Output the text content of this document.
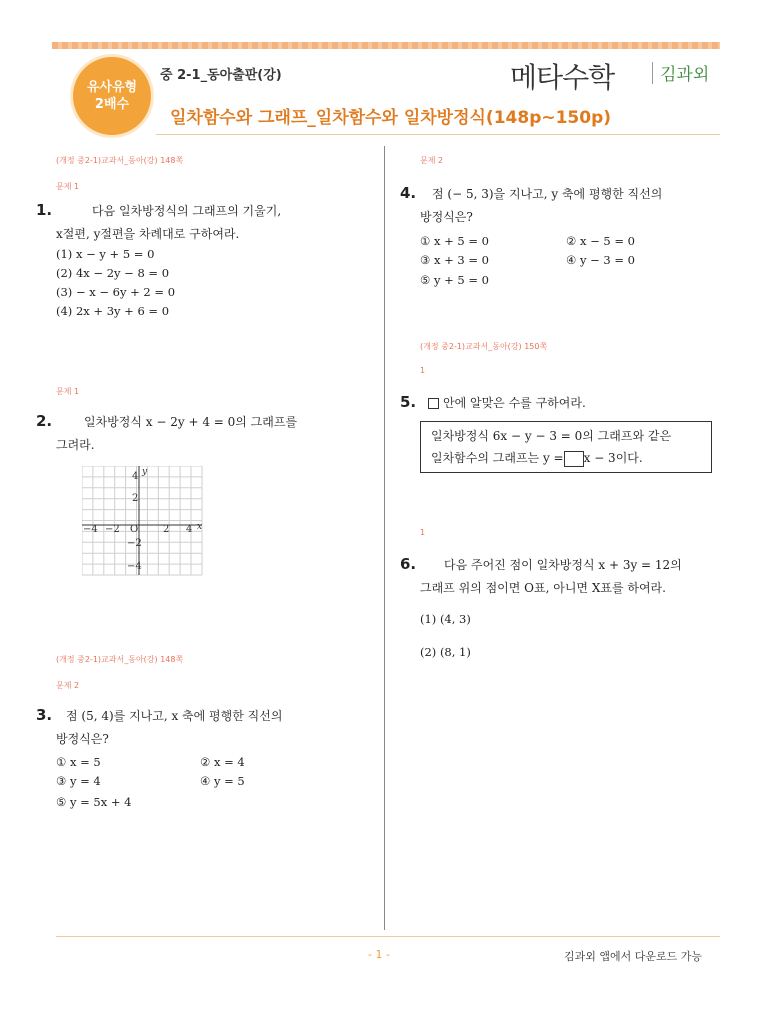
유사유형
2배수
중 2-1_동아출판(강)
일차함수와 그래프_일차함수와 일차방정식(148p~150p)
메타수학	김과외
(개정 중2-1)교과서_동아(강) 148쪽
문제 1
1.	다음 일차방정식의 그래프의 기울기,
x절편, y절편을 차례대로 구하여라.
(1) x − y + 5 = 0
(2) 4x − 2y − 8 = 0
(3) − x − 6y + 2 = 0
(4) 2x + 3y + 6 = 0
문제 1
2.	일차방정식 x − 2y + 4 = 0의 그래프를
그려라.
−4 −2 O 2 4 x
4
2
−2
−4
y
(개정 중2-1)교과서_동아(강) 148쪽
문제 2
3. 점 (5, 4)를 지나고, x 축에 평행한 직선의
방정식은?
① x = 5	② x = 4
③ y = 4	④ y = 5
⑤ y = 5x + 4
문제 2
4. 점 (− 5, 3)을 지나고, y 축에 평행한 직선의
방정식은?
① x + 5 = 0	② x − 5 = 0
③ x + 3 = 0	④ y − 3 = 0
⑤ y + 5 = 0
(개정 중2-1)교과서_동아(강) 150쪽
1
5.	안에 알맞은 수를 구하여라.
일차방정식 6x − y − 3 = 0의 그래프와 같은
일차함수의 그래프는 y = x − 3이다.
1
6. 다음 주어진 점이 일차방정식 x + 3y = 12의
그래프 위의 점이면 O표, 아니면 X표를 하여라.
(1) (4, 3)
(2) (8, 1)
- 1 -	김과외 앱에서 다운로드 가능
